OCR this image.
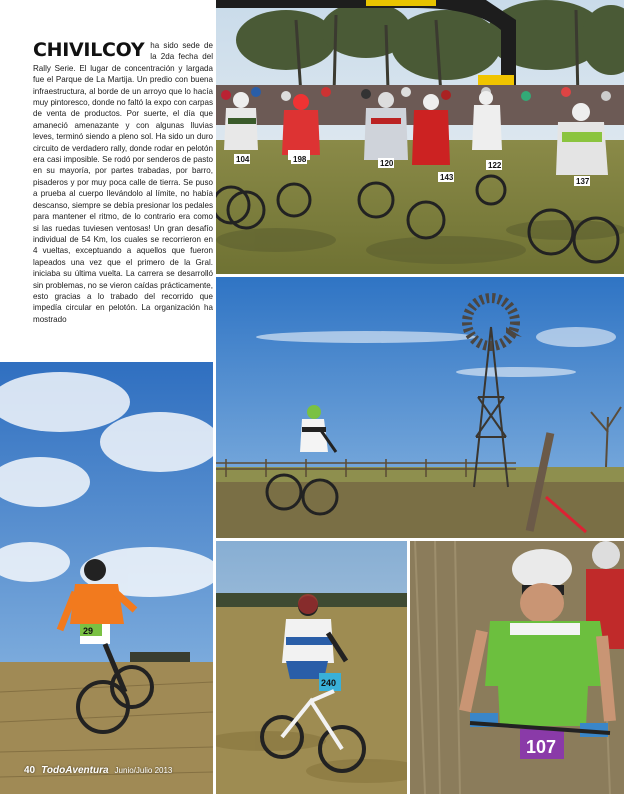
104	198	120
143
122
137
CHIVILCOY ha sido sede de la 2da fecha del Rally Serie. El lugar de concentración y largada fue el Parque de La Martija. Un predio con buena infraestructura, al borde de un arroyo que lo hacía muy pintoresco, donde no faltó la expo con carpas de venta de productos. Por suerte, el día que amaneció amenazante y con algunas lluvias leves, terminó siendo a pleno sol. Ha sido un duro circuito de verdadero rally, donde rodar en pelotón era casi imposible. Se rodó por senderos de pasto en su mayoría, por partes trabadas, por barro, pisaderos y por muy poca calle de tierra. Se puso a prueba al cuerpo llevándolo al límite, no había descanso, siempre se debía presionar los pedales para mantener el ritmo, de lo contrario era como si las ruedas tuviesen ventosas! Un gran desafío individual de 54 Km, los cuales se recorrieron en 4 vueltas, exceptuando a aquellos que fueron lapeados una vez que el primero de la Gral. iniciaba su última vuelta. La carrera se desarrolló sin problemas, no se vieron caídas prácticamente, esto gracias a lo trabado del recorrido que impedía circular en pelotón. La organización ha mostrado
29
240
107
40 TodoAventura Junio/Julio 2013
